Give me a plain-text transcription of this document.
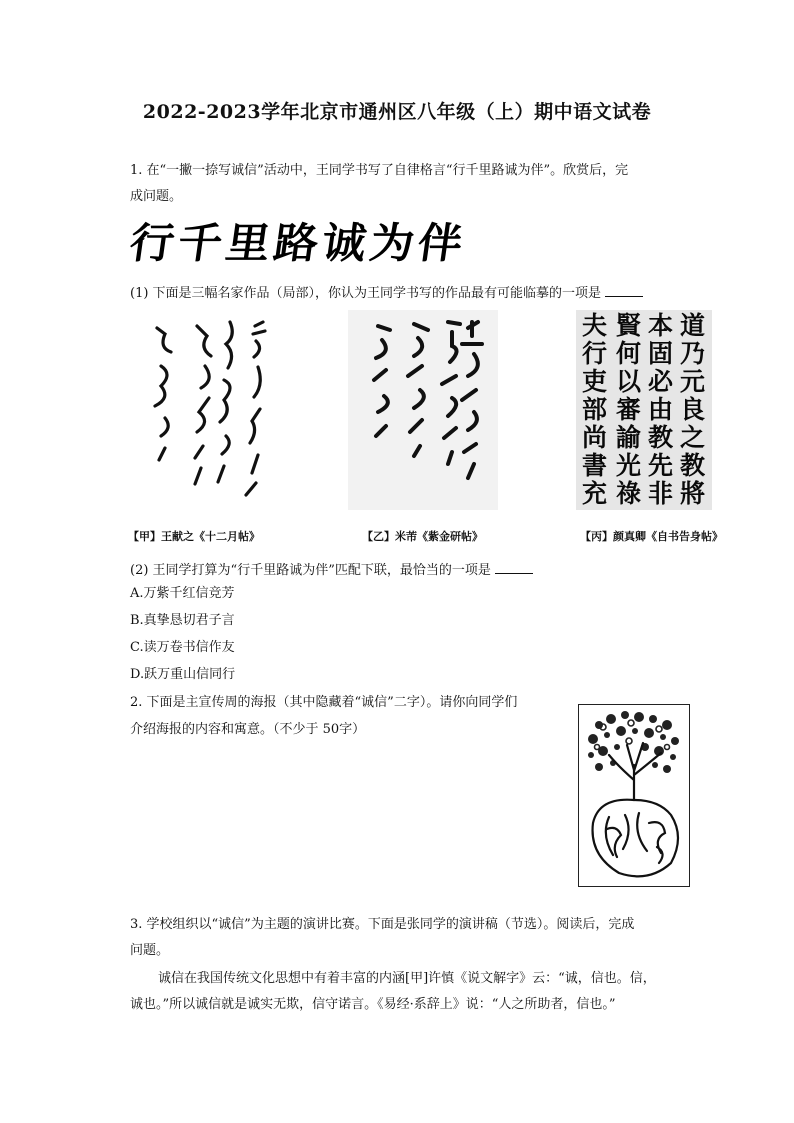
2022-2023学年北京市通州区八年级（上）期中语文试卷
1. 在“一撇一捺写诚信”活动中，王同学书写了自律格言“行千里路诚为伴”。欣赏后，完
成问题。
行千里路诚为伴
(1) 下面是三幅名家作品（局部），你认为王同学书写的作品最有可能临摹的一项是
【甲】王献之《十二月帖》	【乙】米芾《紫金研帖》
道
乃
元
良
之
教
將
本
固
必
由
教
先
非
賢
何
以
審
諭
光
祿
夫
行
吏
部
尚
書
充
【丙】颜真卿《自书告身帖》
(2) 王同学打算为“行千里路诚为伴”匹配下联，最恰当的一项是
A.万紫千红信竞芳
B.真挚恳切君子言
C.读万卷书信作友
D.跃万重山信同行
2. 下面是主宣传周的海报（其中隐藏着“诚信”二字）。请你向同学们
介绍海报的内容和寓意。（不少于 50字）
3. 学校组织以“诚信”为主题的演讲比赛。下面是张同学的演讲稿（节选）。阅读后，完成
问题。
诚信在我国传统文化思想中有着丰富的内涵[甲]许慎《说文解字》云：“诚，信也。信，
诚也。”所以诚信就是诚实无欺，信守诺言。《易经·系辞上》说：“人之所助者，信也。”
